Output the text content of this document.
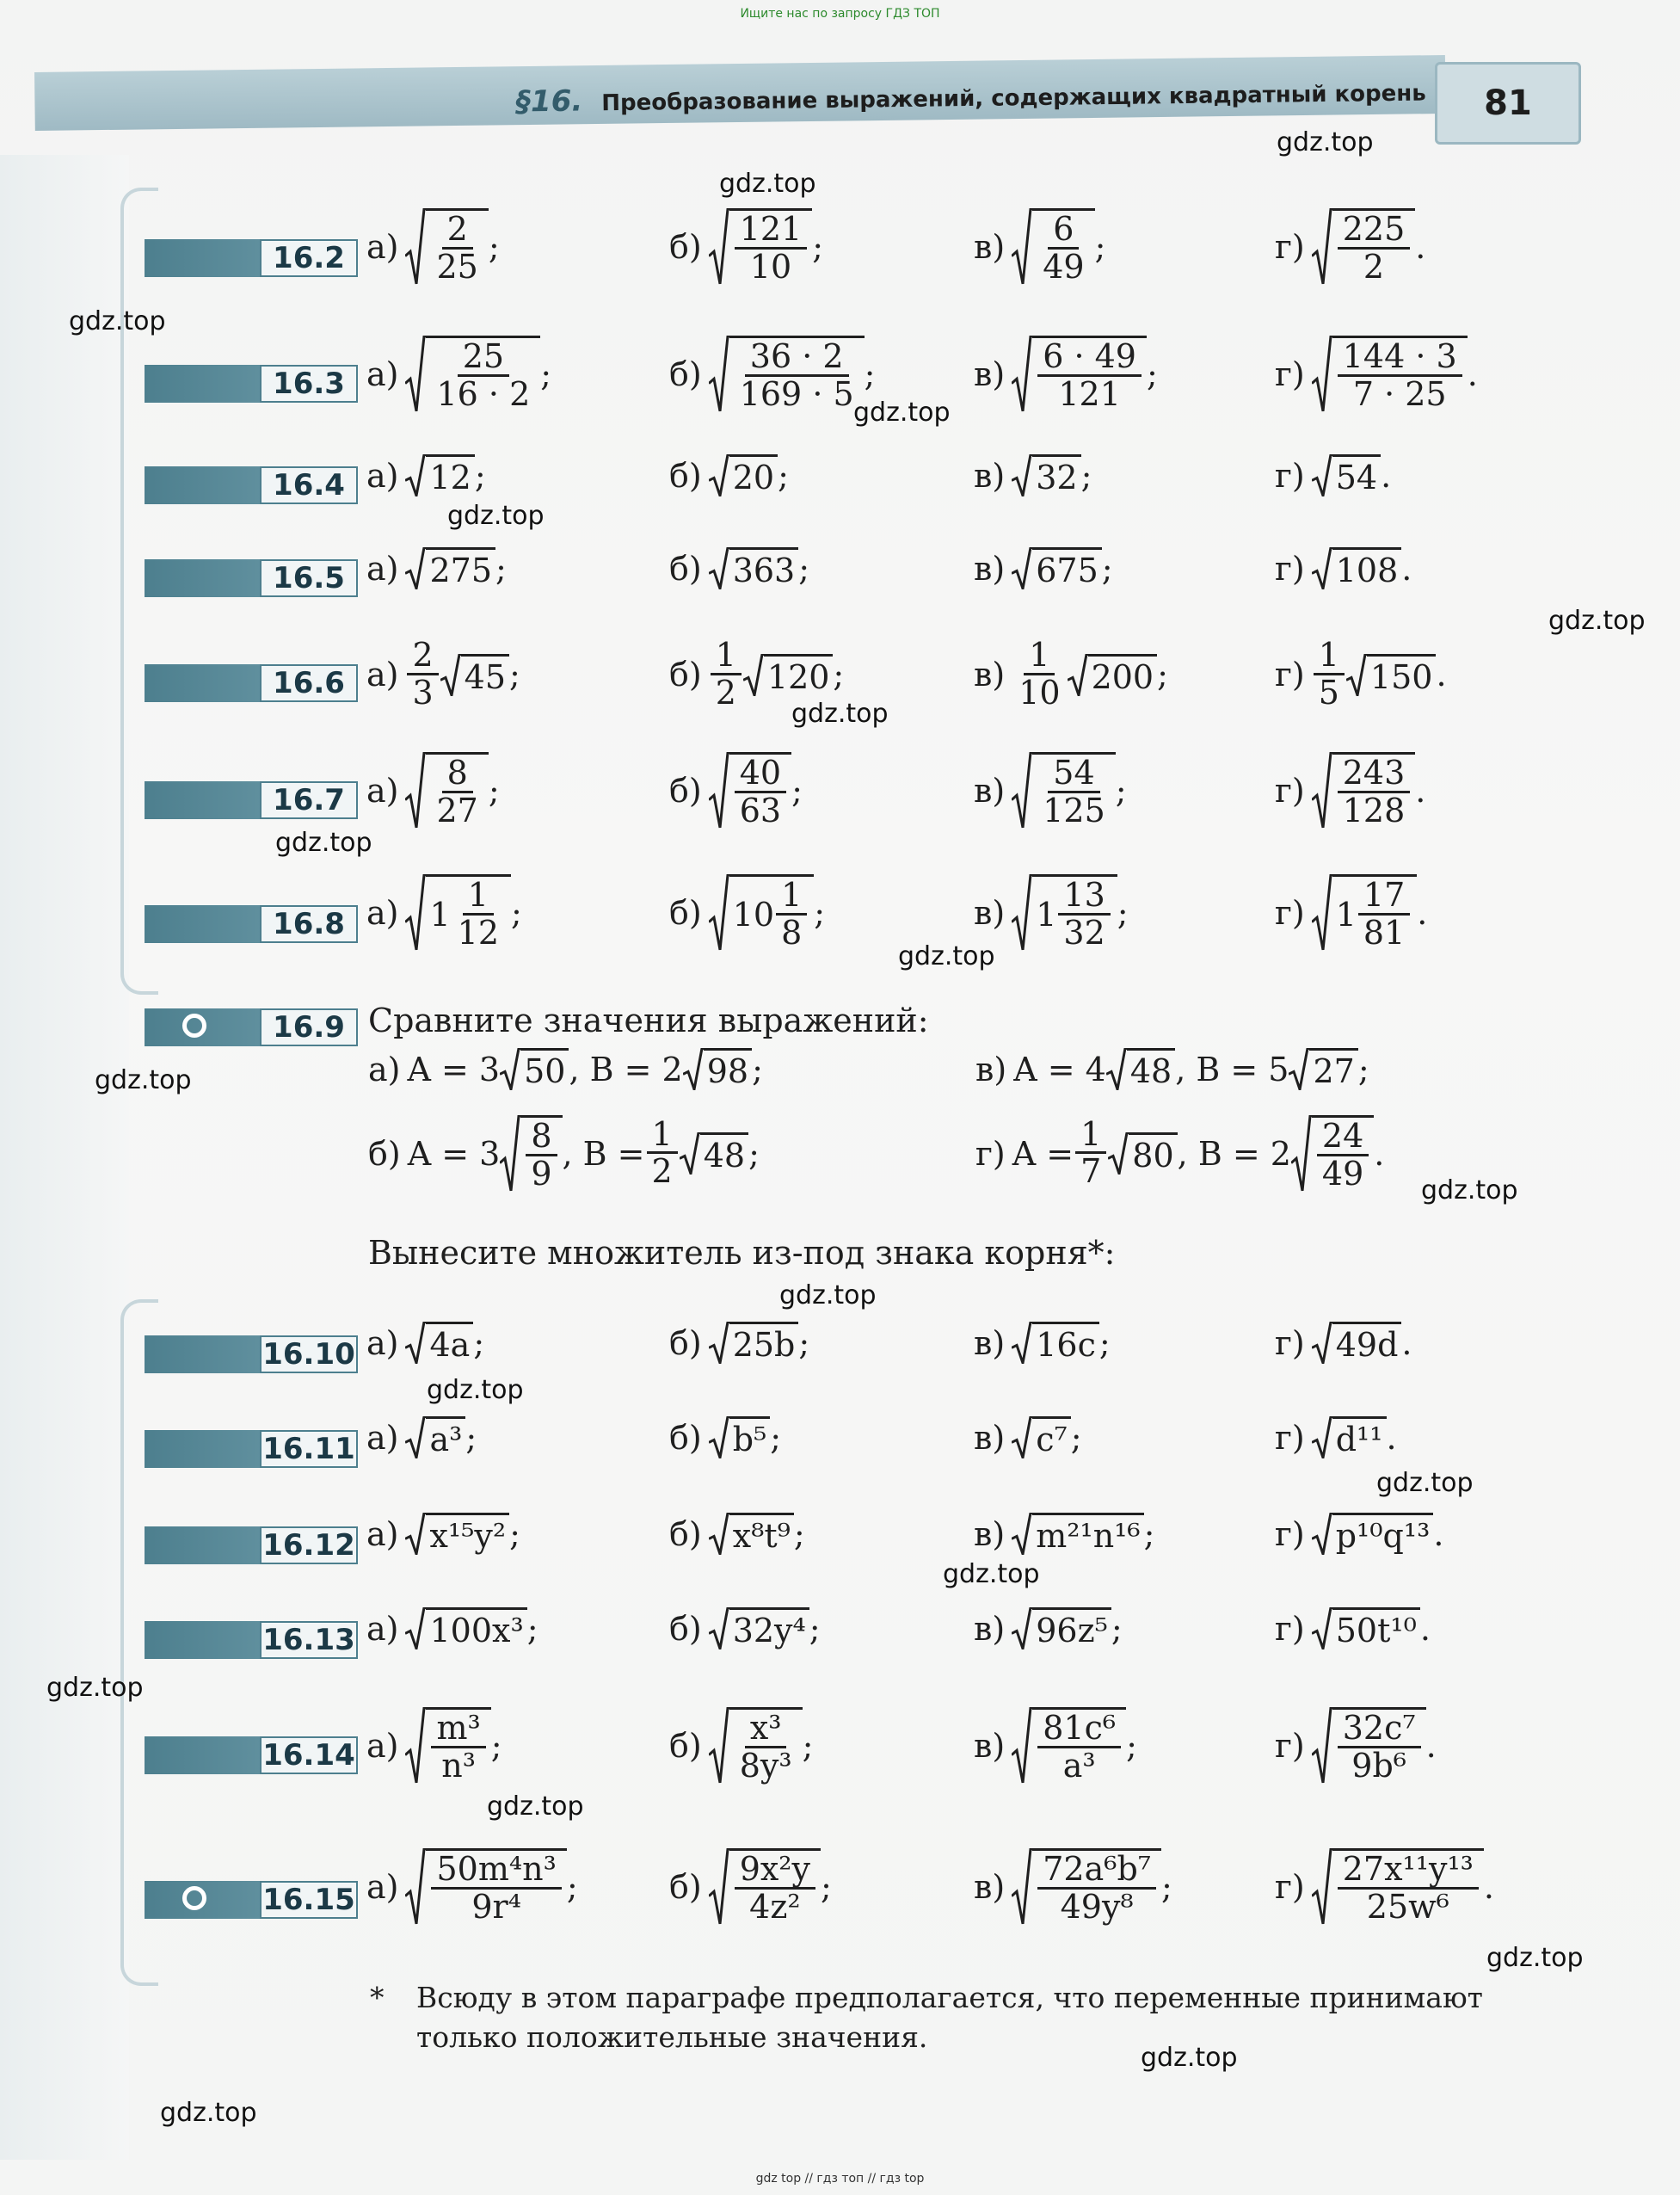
Ищите нас по запросу ГДЗ ТОП
§16. Преобразование выражений, содержащих квадратный корень	81
16.2 $а) \frac{2}{25}$ ;	$б) \frac{121}{10}$ ;	$в) \frac{6}{49}$ ;	$г) \frac{225}{2}$ .
16.3 $а) \frac{25}{16 \cdot 2}$ ;	$б) \frac{36 \cdot 2}{169 \cdot 5}$ ;	$в) \frac{6 \cdot 49}{121}$ ;	$г) \frac{144 \cdot 3}{7 \cdot 25}$ .
16.4 а) 12 ;	б) 20 ;	в) 32 ;	г) 54 .
16.5 а) 275 ;	б) 363 ;	в) 675 ;	г) 108 .
16.6 $а) \frac{2}{3} 45$ ;	$б) \frac{1}{2} 120$ ;	$в) \frac{1}{10} 200$ ;	$г) \frac{1}{5} 150$ .
16.7 $а) \frac{8}{27}$ ;	$б) \frac{40}{63}$ ;	$в) \frac{54}{125}$ ;	$г) \frac{243}{128}$ .
16.8 а) $1 \frac{1}{12}$ ;	б) $10 \frac{1}{8}$ ;	в) $1 \frac{13}{32}$ ;	г) $1 \frac{17}{81}$ .
16.9 Сравните значения выражений:
а) A = 3 50 , B = 2 98 ;	в) A = 4 48 , B = 5 27 ;
б) $A = 3 \frac{8}{9}$ , $B = \frac{1}{2} 48$ ;	г) $A = \frac{1}{7} 80$ , $B = 2 \frac{24}{49}$ .
Вынесите множитель из-под знака корня*:
16.10 а) 4a ;	б) 25b ;	в) 16c ;	г) 49d .
16.11 а) a³ ;	б) b⁵ ;	в) c⁷ ;	г) d¹¹ .
16.12 а) x¹⁵y² ;	б) x⁸t⁹ ;	в) m²¹n¹⁶ ;	г) p¹⁰q¹³ .
16.13 а) 100x³ ;	б) 32y⁴ ;	в) 96z⁵ ;	г) 50t¹⁰ .
16.14 $а) \frac{\text{m³}}{\text{n³}}$ ;	$б) \frac{\text{x³}}{\text{8y³}}$ ;	$в) \frac{\text{81c⁶}}{\text{a³}}$ ;	$г) \frac{\text{32c⁷}}{\text{9b⁶}}$ .
16.15 $а) \frac{\text{50m⁴n³}}{\text{9r⁴}}$ ;	$б) \frac{\text{9x²y}}{\text{4z²}}$ ;	$в) \frac{\text{72a⁶b⁷}}{\text{49y⁸}}$ ;	$г) \frac{\text{27x¹¹y¹³}}{\text{25w⁶}}$ .
* Всюду в этом параграфе предполагается, что переменные принимают
только положительные значения.
gdz.top
gdz.top
gdz.top
gdz.top
gdz.top
gdz.top
gdz.top
gdz.top
gdz.top
gdz.top
gdz.top
gdz.top
gdz.top
gdz.top
gdz.top
gdz.top
gdz.top
gdz.top
gdz.top
gdz.top
gdz top // гдз топ // гдз top
